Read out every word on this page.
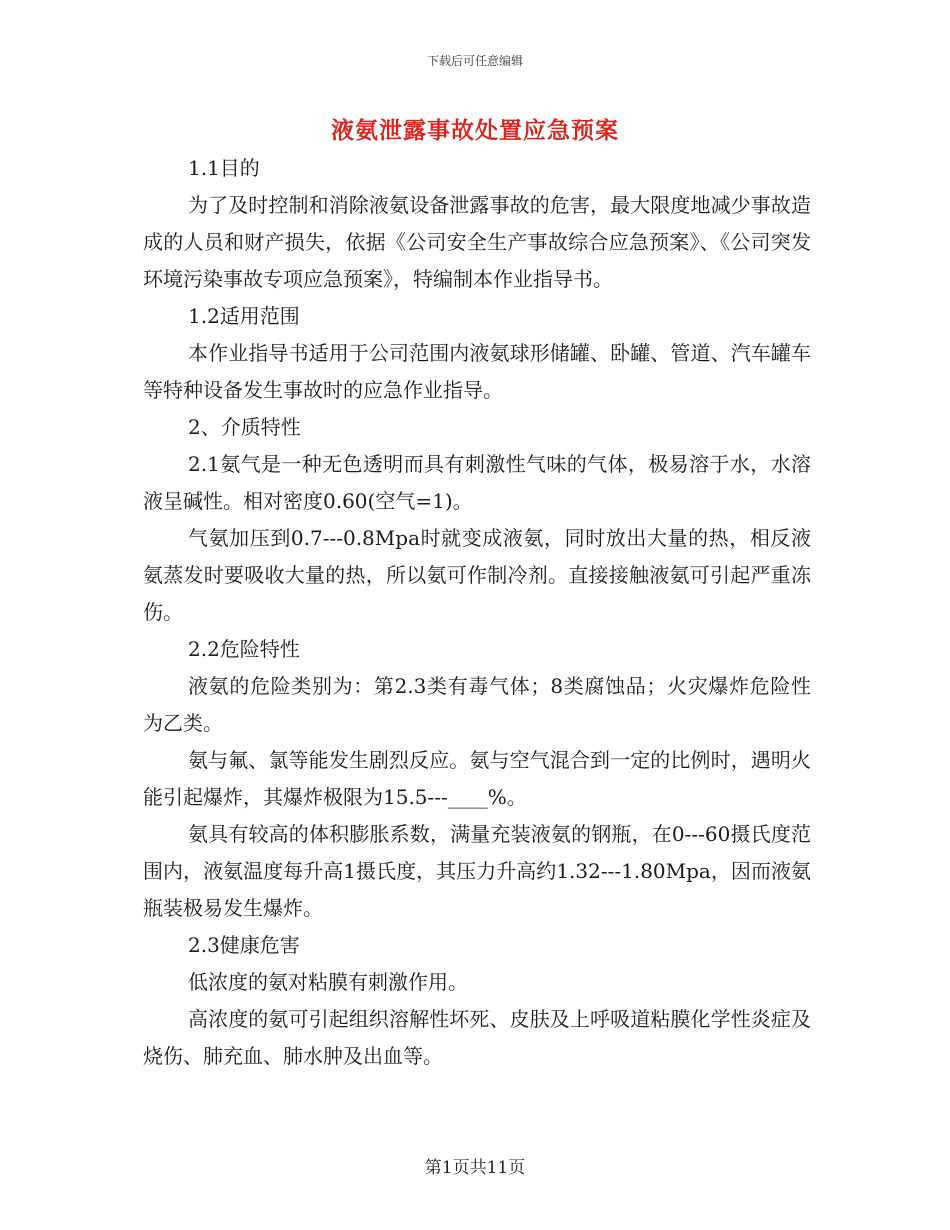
下载后可任意编辑
液氨泄露事故处置应急预案

1.1目的

为了及时控制和消除液氨设备泄露事故的危害，最大限度地减少事故造成的人员和财产损失，依据《公司安全生产事故综合应急预案》、《公司突发环境污染事故专项应急预案》，特编制本作业指导书。

1.2适用范围

本作业指导书适用于公司范围内液氨球形储罐、卧罐、管道、汽车罐车等特种设备发生事故时的应急作业指导。

2、介质特性

2.1氨气是一种无色透明而具有刺激性气味的气体，极易溶于水，水溶液呈碱性。相对密度0.60(空气=1)。

气氨加压到0.7---0.8Mpa时就变成液氨，同时放出大量的热，相反液氨蒸发时要吸收大量的热，所以氨可作制冷剂。直接接触液氨可引起严重冻伤。

2.2危险特性

液氨的危险类别为：第2.3类有毒气体；8类腐蚀品；火灾爆炸危险性为乙类。

氨与氟、氯等能发生剧烈反应。氨与空气混合到一定的比例时，遇明火能引起爆炸，其爆炸极限为15.5---____%。

氨具有较高的体积膨胀系数，满量充装液氨的钢瓶，在0---60摄氏度范围内，液氨温度每升高1摄氏度，其压力升高约1.32---1.80Mpa，因而液氨瓶装极易发生爆炸。

2.3健康危害

低浓度的氨对粘膜有刺激作用。

高浓度的氨可引起组织溶解性坏死、皮肤及上呼吸道粘膜化学性炎症及烧伤、肺充血、肺水肿及出血等。

第1页共11页
